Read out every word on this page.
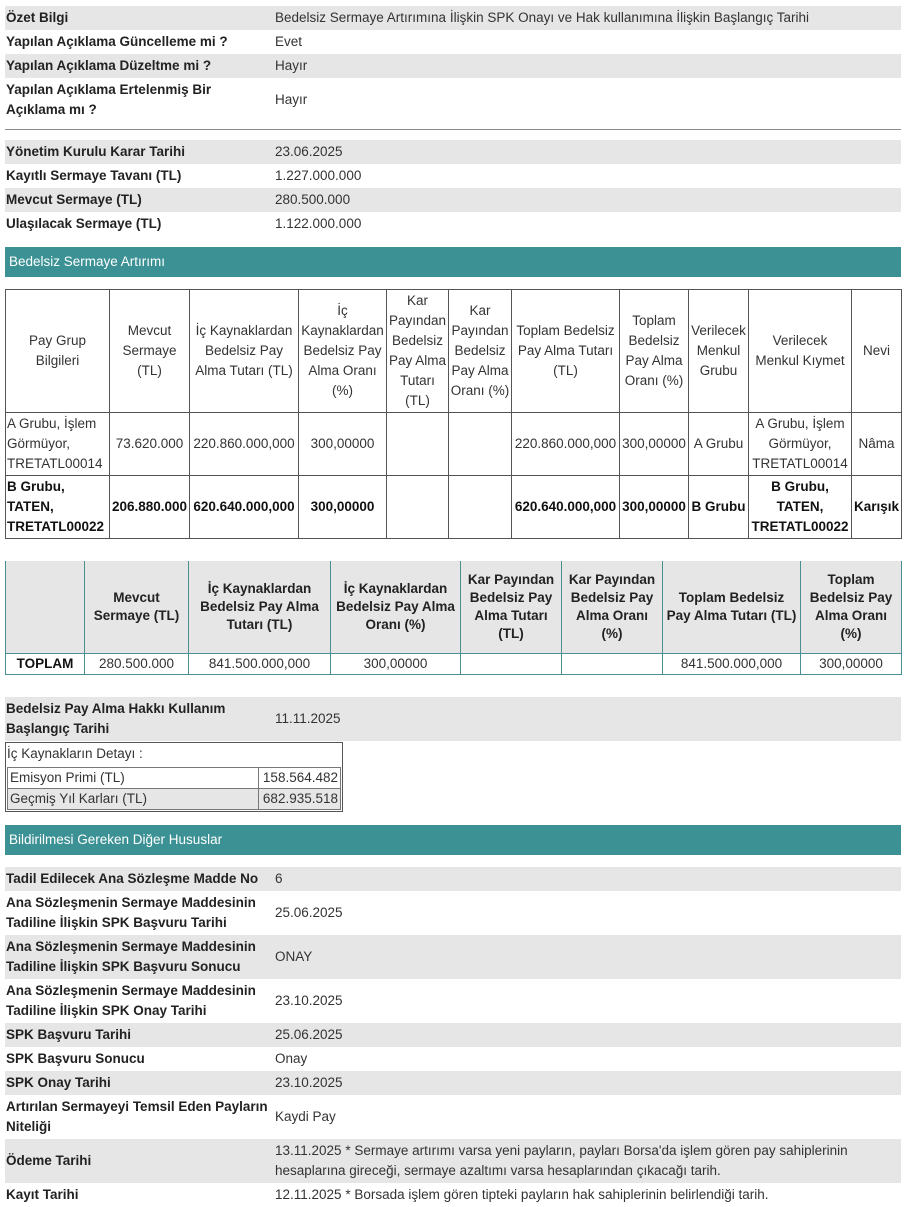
Özet Bilgi	Bedelsiz Sermaye Artırımına İlişkin SPK Onayı ve Hak kullanımına İlişkin Başlangıç Tarihi
Yapılan Açıklama Güncelleme mi ?	Evet
Yapılan Açıklama Düzeltme mi ?	Hayır
Yapılan Açıklama Ertelenmiş Bir Açıklama mı ?	Hayır
Yönetim Kurulu Karar Tarihi	23.06.2025
Kayıtlı Sermaye Tavanı (TL)	1.227.000.000
Mevcut Sermaye (TL)	280.500.000
Ulaşılacak Sermaye (TL)	1.122.000.000
Bedelsiz Sermaye Artırımı
Pay Grup Bilgileri	Mevcut Sermaye (TL)	İç Kaynaklardan Bedelsiz Pay Alma Tutarı (TL)	İç Kaynaklardan Bedelsiz Pay Alma Oranı (%)	Kar Payından Bedelsiz Pay Alma Tutarı (TL)	Kar Payından Bedelsiz Pay Alma Oranı (%)	Toplam Bedelsiz Pay Alma Tutarı (TL)	Toplam Bedelsiz Pay Alma Oranı (%)	Verilecek Menkul Grubu	Verilecek Menkul Kıymet	Nevi
A Grubu, İşlem Görmüyor, TRETATL00014	73.620.000	220.860.000,000	300,00000			220.860.000,000	300,00000	A Grubu	A Grubu, İşlem Görmüyor, TRETATL00014	Nâma
B Grubu, TATEN, TRETATL00022	206.880.000	620.640.000,000	300,00000			620.640.000,000	300,00000	B Grubu	B Grubu, TATEN, TRETATL00022	Karışık
	Mevcut Sermaye (TL)	İç Kaynaklardan Bedelsiz Pay Alma Tutarı (TL)	İç Kaynaklardan Bedelsiz Pay Alma Oranı (%)	Kar Payından Bedelsiz Pay Alma Tutarı (TL)	Kar Payından Bedelsiz Pay Alma Oranı (%)	Toplam Bedelsiz Pay Alma Tutarı (TL)	Toplam Bedelsiz Pay Alma Oranı (%)
TOPLAM	280.500.000	841.500.000,000	300,00000			841.500.000,000	300,00000
Bedelsiz Pay Alma Hakkı Kullanım Başlangıç Tarihi	11.11.2025
İç Kaynakların Detayı :
Emisyon Primi (TL)	158.564.482
Geçmiş Yıl Karları (TL)	682.935.518
Bildirilmesi Gereken Diğer Hususlar
Tadil Edilecek Ana Sözleşme Madde No	6
Ana Sözleşmenin Sermaye Maddesinin Tadiline İlişkin SPK Başvuru Tarihi	25.06.2025
Ana Sözleşmenin Sermaye Maddesinin Tadiline İlişkin SPK Başvuru Sonucu	ONAY
Ana Sözleşmenin Sermaye Maddesinin Tadiline İlişkin SPK Onay Tarihi	23.10.2025
SPK Başvuru Tarihi	25.06.2025
SPK Başvuru Sonucu	Onay
SPK Onay Tarihi	23.10.2025
Artırılan Sermayeyi Temsil Eden Payların Niteliği	Kaydi Pay
Ödeme Tarihi	13.11.2025 * Sermaye artırımı varsa yeni payların, payları Borsa'da işlem gören pay sahiplerinin hesaplarına gireceği, sermaye azaltımı varsa hesaplarından çıkacağı tarih.
Kayıt Tarihi	12.11.2025 * Borsada işlem gören tipteki payların hak sahiplerinin belirlendiği tarih.
